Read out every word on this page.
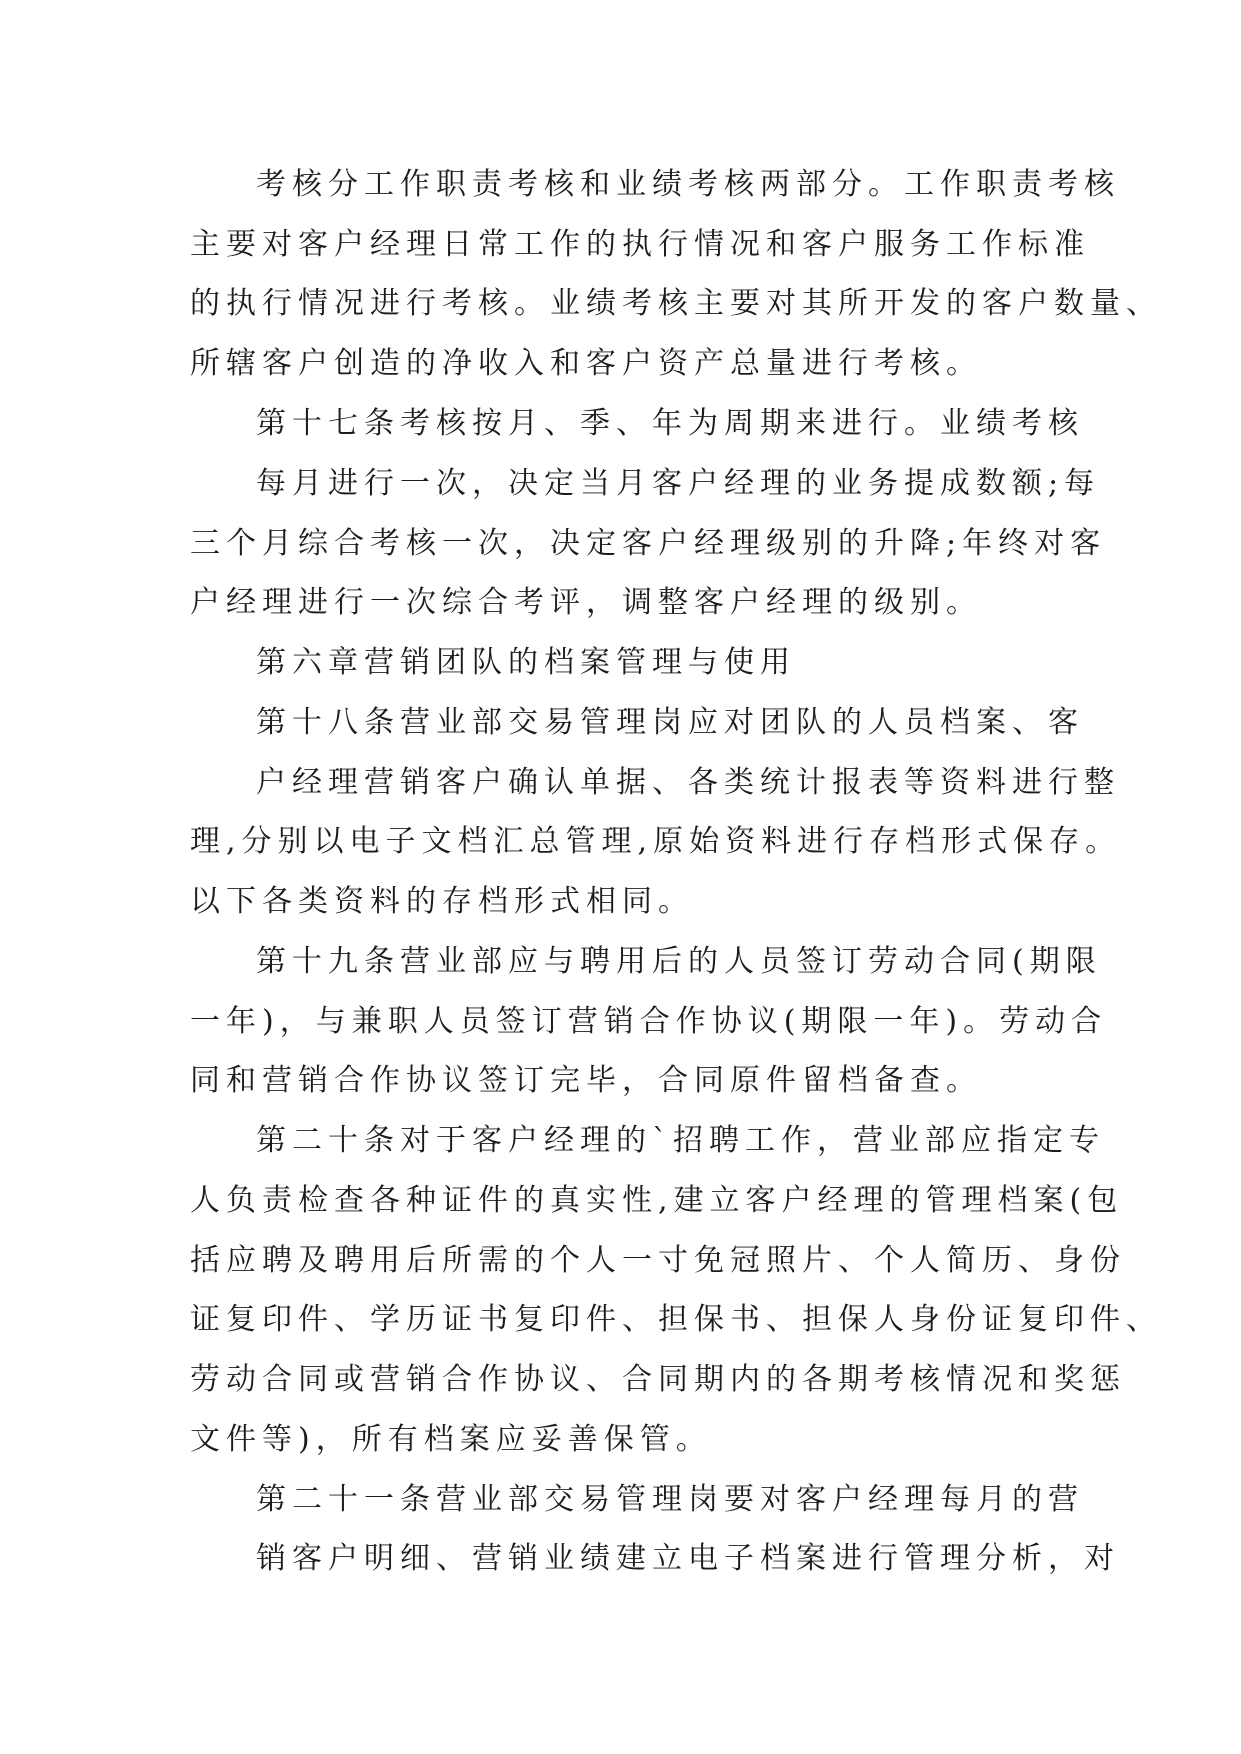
考核分工作职责考核和业绩考核两部分。工作职责考核
主要对客户经理日常工作的执行情况和客户服务工作标准
的执行情况进行考核。业绩考核主要对其所开发的客户数量、
所辖客户创造的净收入和客户资产总量进行考核。
第十七条考核按月、季、年为周期来进行。业绩考核
每月进行一次，决定当月客户经理的业务提成数额;每
三个月综合考核一次，决定客户经理级别的升降;年终对客
户经理进行一次综合考评，调整客户经理的级别。
第六章营销团队的档案管理与使用
第十八条营业部交易管理岗应对团队的人员档案、客
户经理营销客户确认单据、各类统计报表等资料进行整
理,分别以电子文档汇总管理,原始资料进行存档形式保存。
以下各类资料的存档形式相同。
第十九条营业部应与聘用后的人员签订劳动合同(期限
一年)，与兼职人员签订营销合作协议(期限一年)。劳动合
同和营销合作协议签订完毕，合同原件留档备查。
第二十条对于客户经理的`招聘工作，营业部应指定专
人负责检查各种证件的真实性,建立客户经理的管理档案(包
括应聘及聘用后所需的个人一寸免冠照片、个人简历、身份
证复印件、学历证书复印件、担保书、担保人身份证复印件、
劳动合同或营销合作协议、合同期内的各期考核情况和奖惩
文件等)，所有档案应妥善保管。
第二十一条营业部交易管理岗要对客户经理每月的营
销客户明细、营销业绩建立电子档案进行管理分析，对
